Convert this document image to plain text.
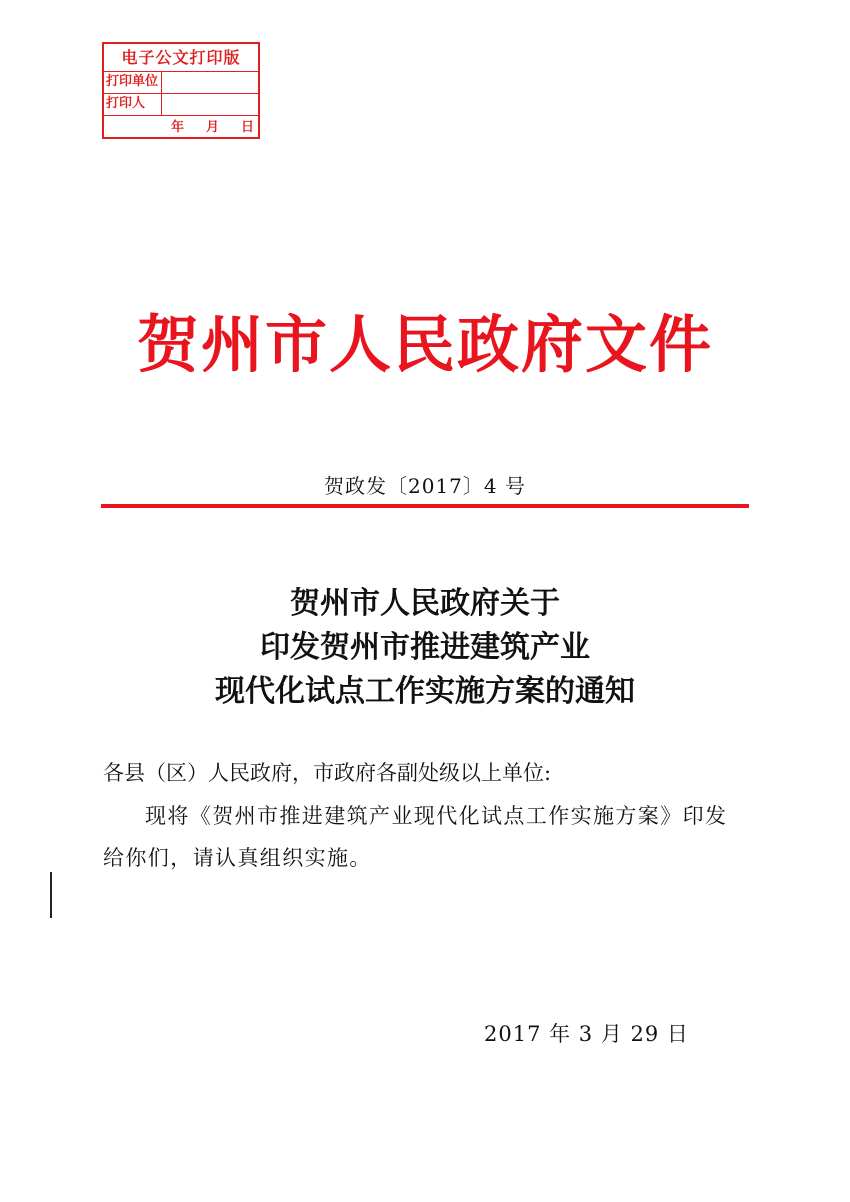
电子公文打印版
打印单位
打印人
年 月 日
贺州市人民政府文件
贺政发〔2017〕4 号
贺州市人民政府关于
印发贺州市推进建筑产业
现代化试点工作实施方案的通知
各县（区）人民政府，市政府各副处级以上单位:
现将《贺州市推进建筑产业现代化试点工作实施方案》印发给你们，请认真组织实施。
2017 年 3 月 29 日
